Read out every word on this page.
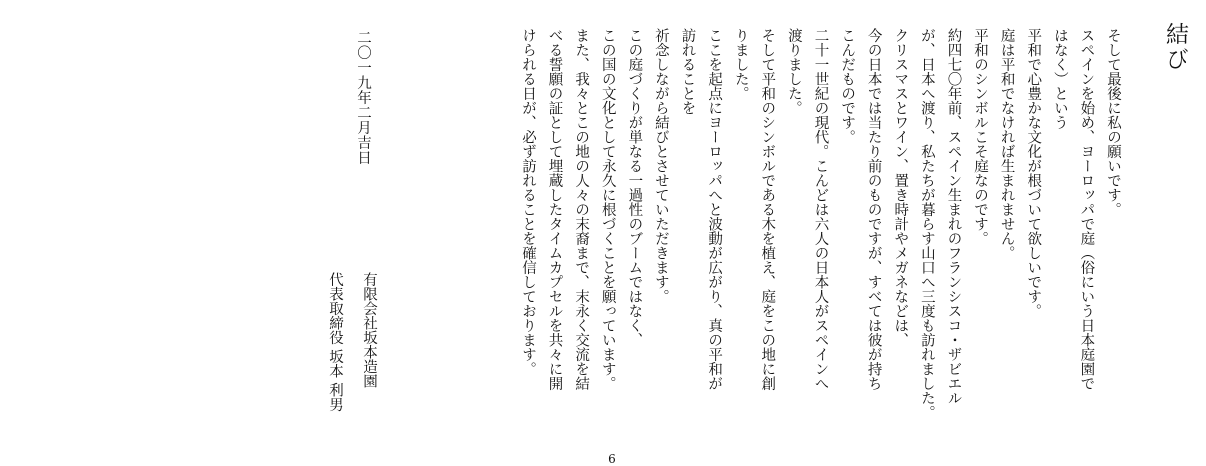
結び

そして最後に私の願いです。

スペインを始め、ヨーロッパで庭（俗にいう日本庭園で

はなく）という

平和で心豊かな文化が根づいて欲しいです。

庭は平和でなければ生まれません。

平和のシンボルこそ庭なのです。

約四七〇年前、スペイン生まれのフランシスコ・ザビエル

が、日本へ渡り、私たちが暮らす山口へ三度も訪れました。

クリスマスとワイン、置き時計やメガネなどは、

今の日本では当たり前のものですが、すべては彼が持ち

こんだものです。

二十一世紀の現代。こんどは六人の日本人がスペインへ

渡りました。

そして平和のシンボルである木を植え、庭をこの地に創

りました。

ここを起点にヨーロッパへと波動が広がり、真の平和が

訪れることを

祈念しながら結びとさせていただきます。

この庭づくりが単なる一過性のブームではなく、

この国の文化として永久に根づくことを願っています。

また、我々とこの地の人々の末裔まで、末永く交流を結

べる誓願の証として埋蔵したタイムカプセルを共々に開

けられる日が、必ず訪れることを確信しております。

二〇一九年二月吉日
有限会社坂本造園
代表取締役 坂本 利男
6
